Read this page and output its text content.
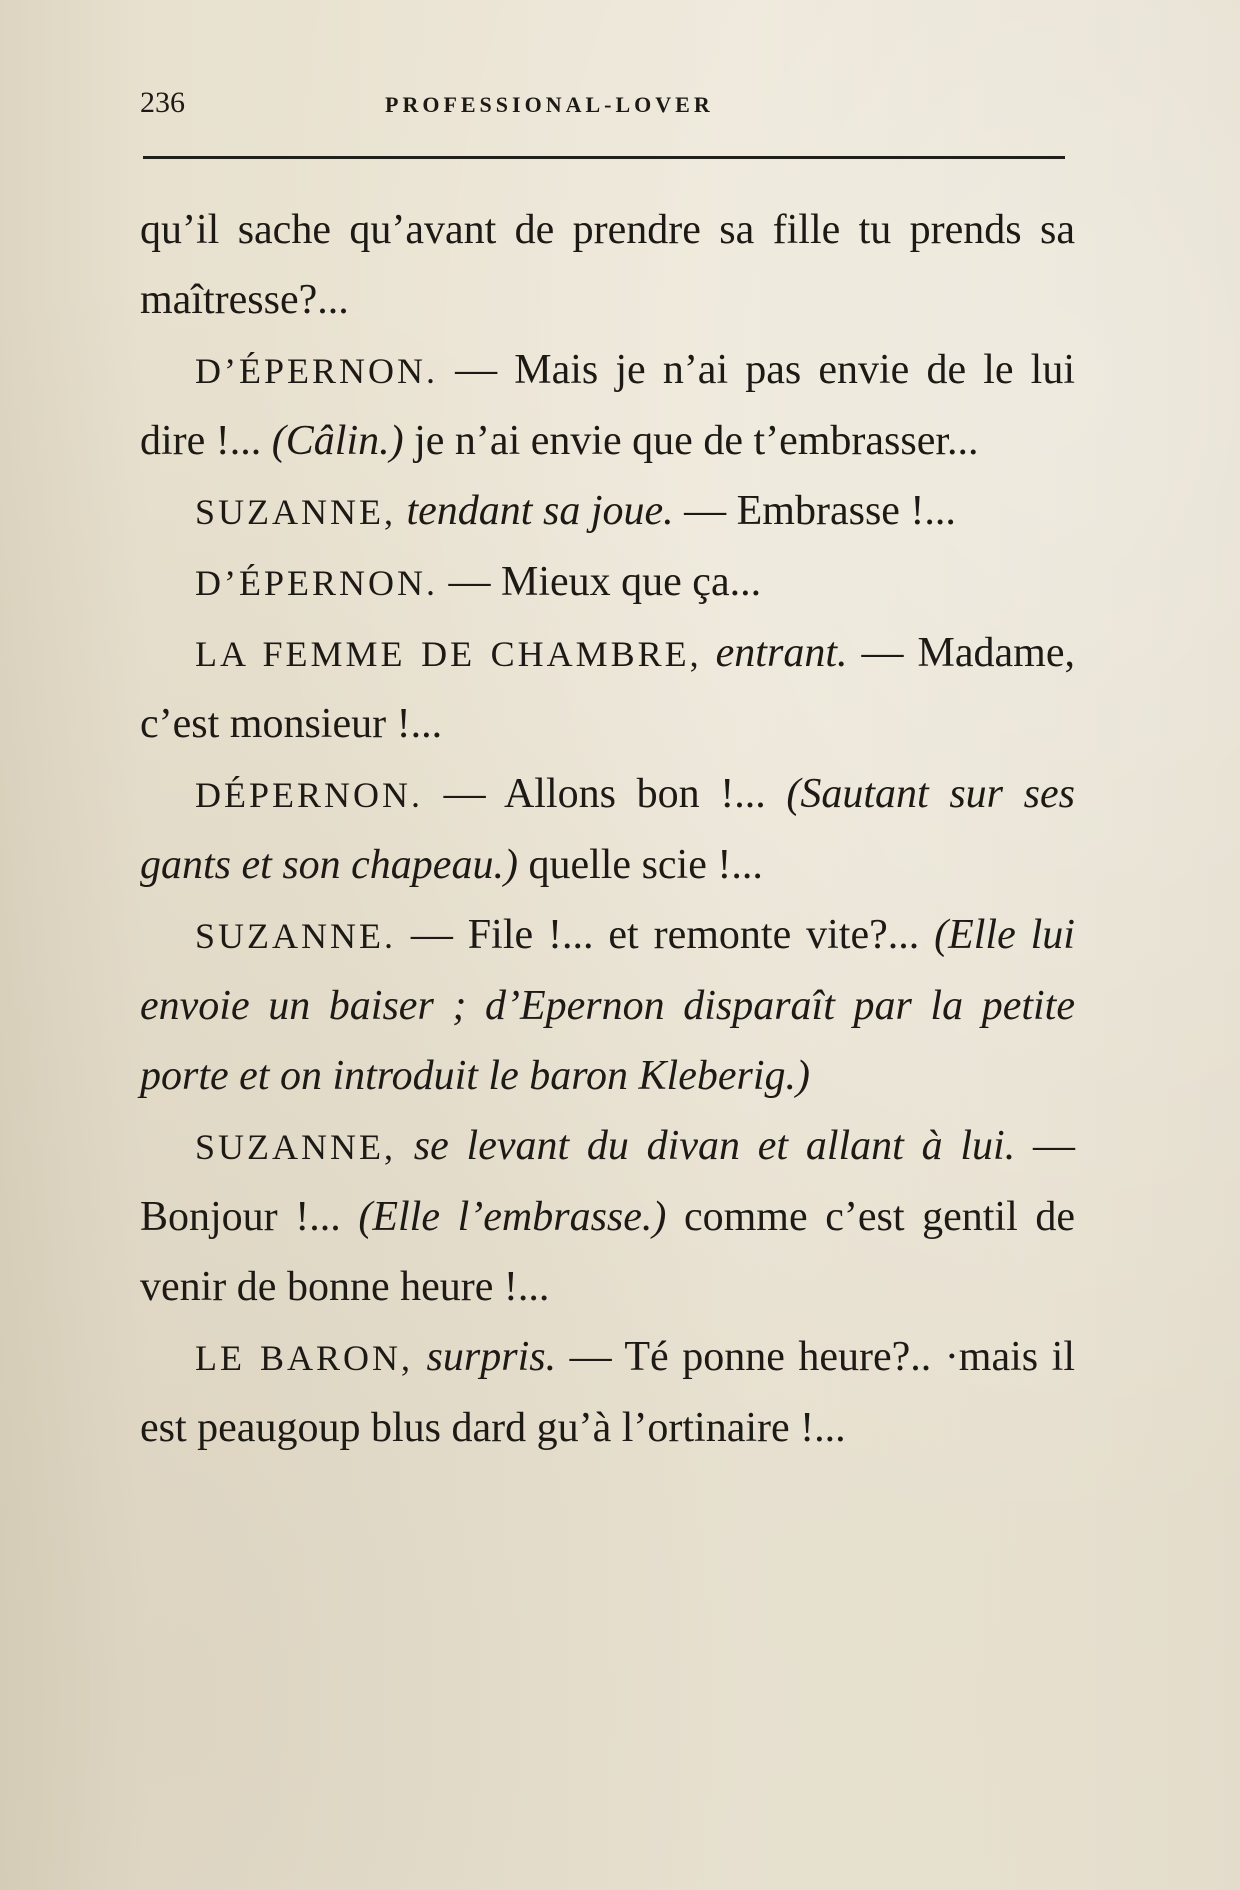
236	PROFESSIONAL-LOVER

qu’il sache qu’avant de prendre sa fille tu prends sa maîtresse?...

D’ÉPERNON. — Mais je n’ai pas envie de le lui dire !... (Câlin.) je n’ai envie que de t’embrasser...

SUZANNE, tendant sa joue. — Embrasse !...

D’ÉPERNON. — Mieux que ça...

LA FEMME DE CHAMBRE, entrant. — Madame, c’est monsieur !...

DÉPERNON. — Allons bon !... (Sautant sur ses gants et son chapeau.) quelle scie !...

SUZANNE. — File !... et remonte vite?... (Elle lui envoie un baiser ; d’Epernon disparaît par la petite porte et on introduit le baron Kleberig.)

SUZANNE, se levant du divan et allant à lui. — Bonjour !... (Elle l’embrasse.) comme c’est gentil de venir de bonne heure !...

LE BARON, surpris. — Té ponne heure?.. ·mais il est peaugoup blus dard gu’à l’ortinaire !...
